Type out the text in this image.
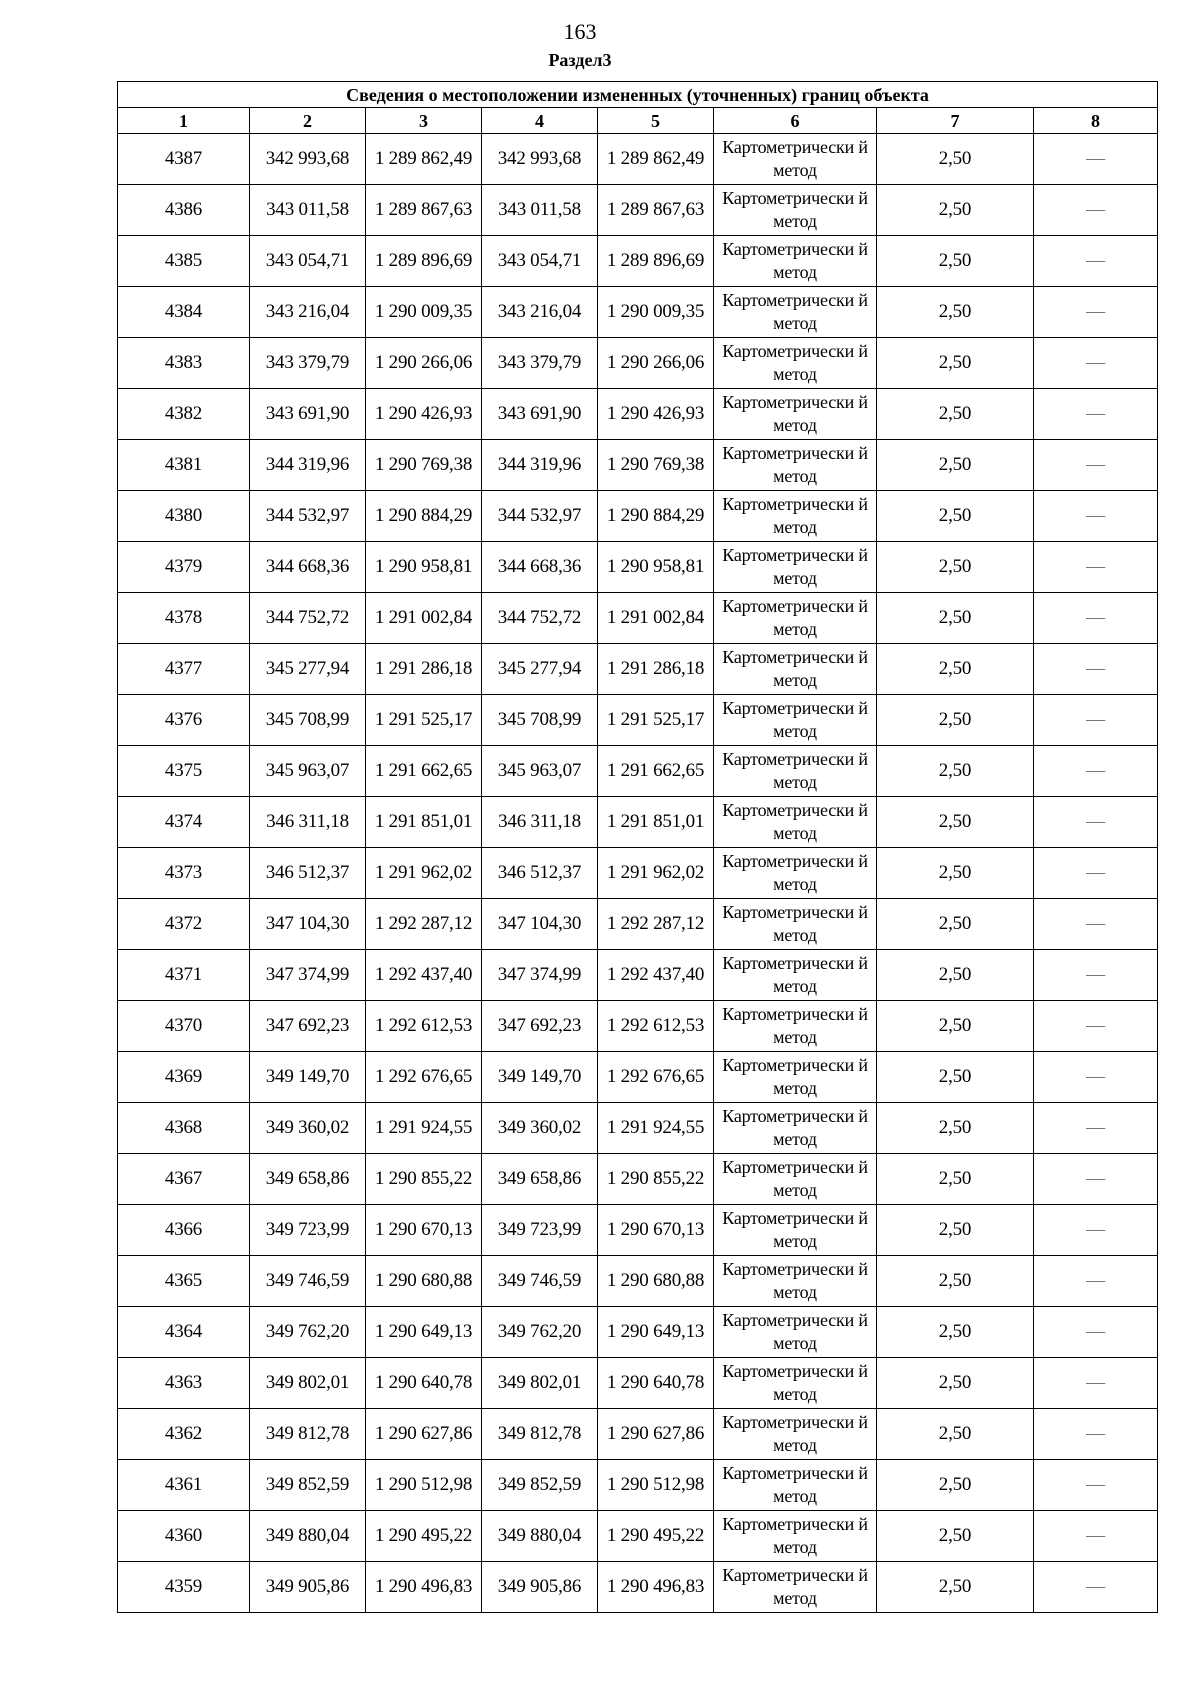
163
Раздел3
Сведения о местоположении измененных (уточненных) границ объекта							
1	2	3	4	5	6	7	8
4387	342 993,68	1 289 862,49	342 993,68	1 289 862,49	Картометрически й метод	2,50	—
4386	343 011,58	1 289 867,63	343 011,58	1 289 867,63	Картометрически й метод	2,50	—
4385	343 054,71	1 289 896,69	343 054,71	1 289 896,69	Картометрически й метод	2,50	—
4384	343 216,04	1 290 009,35	343 216,04	1 290 009,35	Картометрически й метод	2,50	—
4383	343 379,79	1 290 266,06	343 379,79	1 290 266,06	Картометрически й метод	2,50	—
4382	343 691,90	1 290 426,93	343 691,90	1 290 426,93	Картометрически й метод	2,50	—
4381	344 319,96	1 290 769,38	344 319,96	1 290 769,38	Картометрически й метод	2,50	—
4380	344 532,97	1 290 884,29	344 532,97	1 290 884,29	Картометрически й метод	2,50	—
4379	344 668,36	1 290 958,81	344 668,36	1 290 958,81	Картометрически й метод	2,50	—
4378	344 752,72	1 291 002,84	344 752,72	1 291 002,84	Картометрически й метод	2,50	—
4377	345 277,94	1 291 286,18	345 277,94	1 291 286,18	Картометрически й метод	2,50	—
4376	345 708,99	1 291 525,17	345 708,99	1 291 525,17	Картометрически й метод	2,50	—
4375	345 963,07	1 291 662,65	345 963,07	1 291 662,65	Картометрически й метод	2,50	—
4374	346 311,18	1 291 851,01	346 311,18	1 291 851,01	Картометрически й метод	2,50	—
4373	346 512,37	1 291 962,02	346 512,37	1 291 962,02	Картометрически й метод	2,50	—
4372	347 104,30	1 292 287,12	347 104,30	1 292 287,12	Картометрически й метод	2,50	—
4371	347 374,99	1 292 437,40	347 374,99	1 292 437,40	Картометрически й метод	2,50	—
4370	347 692,23	1 292 612,53	347 692,23	1 292 612,53	Картометрически й метод	2,50	—
4369	349 149,70	1 292 676,65	349 149,70	1 292 676,65	Картометрически й метод	2,50	—
4368	349 360,02	1 291 924,55	349 360,02	1 291 924,55	Картометрически й метод	2,50	—
4367	349 658,86	1 290 855,22	349 658,86	1 290 855,22	Картометрически й метод	2,50	—
4366	349 723,99	1 290 670,13	349 723,99	1 290 670,13	Картометрически й метод	2,50	—
4365	349 746,59	1 290 680,88	349 746,59	1 290 680,88	Картометрически й метод	2,50	—
4364	349 762,20	1 290 649,13	349 762,20	1 290 649,13	Картометрически й метод	2,50	—
4363	349 802,01	1 290 640,78	349 802,01	1 290 640,78	Картометрически й метод	2,50	—
4362	349 812,78	1 290 627,86	349 812,78	1 290 627,86	Картометрически й метод	2,50	—
4361	349 852,59	1 290 512,98	349 852,59	1 290 512,98	Картометрически й метод	2,50	—
4360	349 880,04	1 290 495,22	349 880,04	1 290 495,22	Картометрически й метод	2,50	—
4359	349 905,86	1 290 496,83	349 905,86	1 290 496,83	Картометрически й метод	2,50	—
